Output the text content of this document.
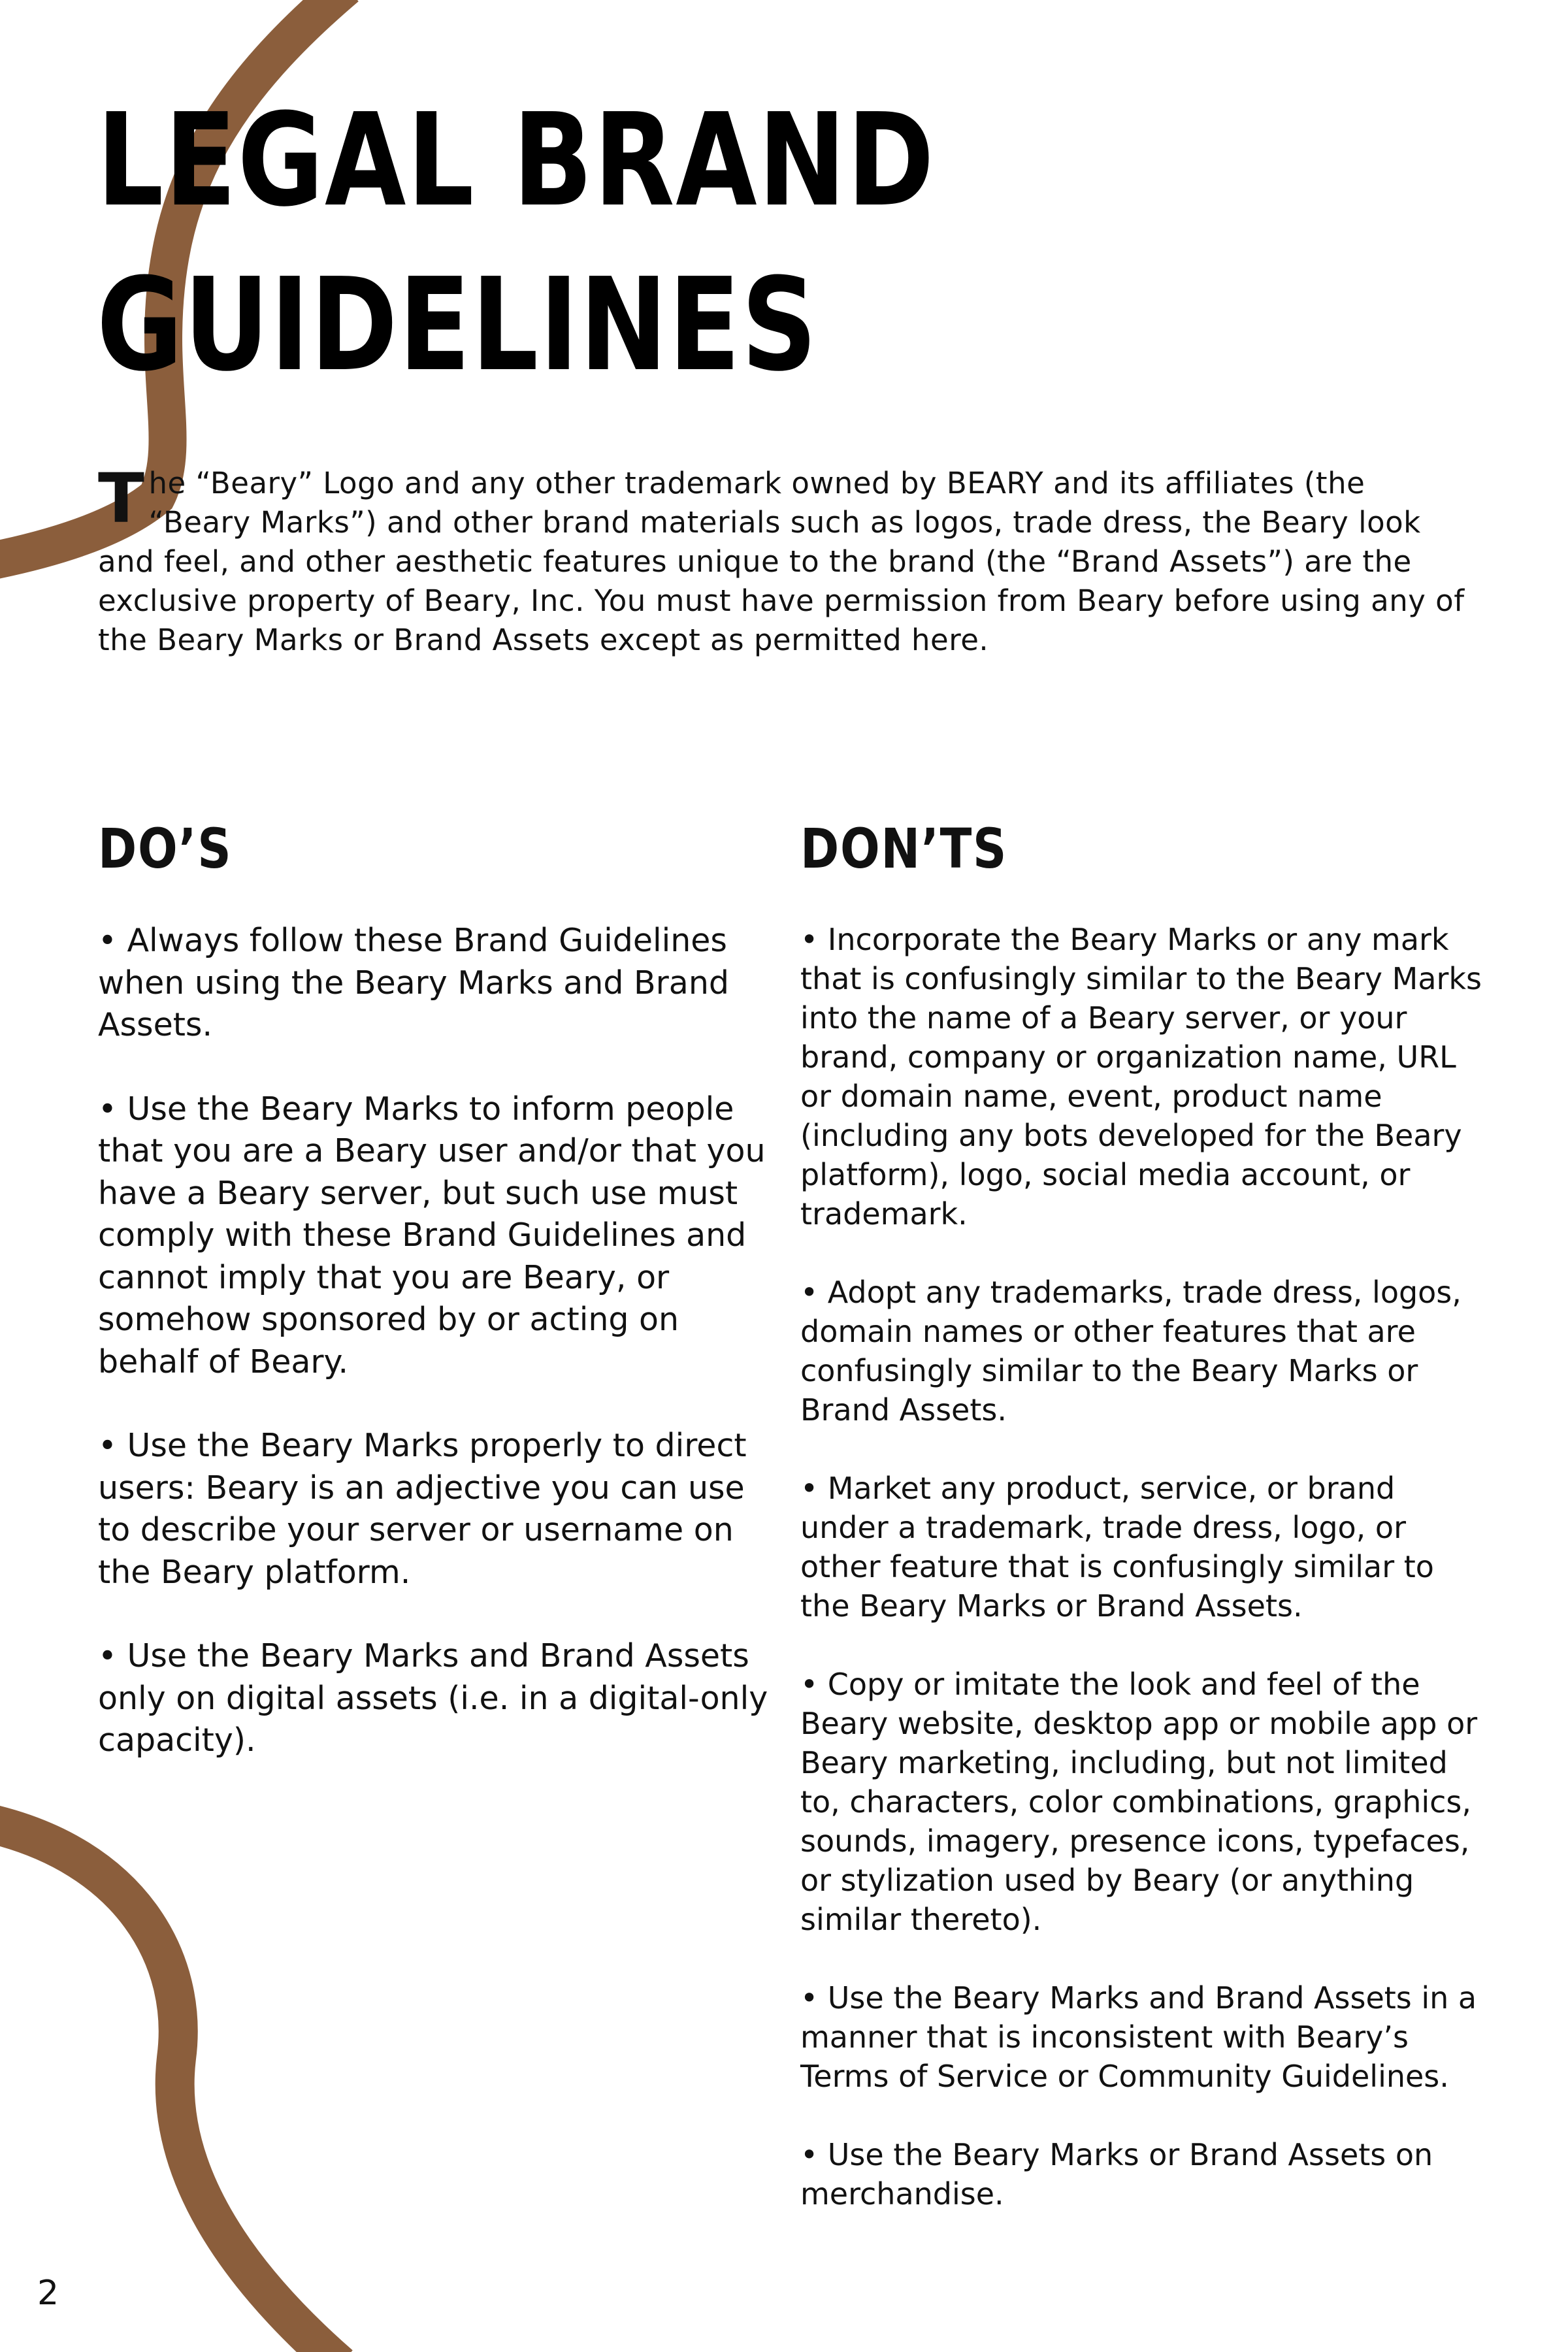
LEGAL BRAND
GUIDELINES

The “Beary” Logo and any other trademark owned by BEARY and its affiliates (the “Beary Marks”) and other brand materials such as logos, trade dress, the Beary look and feel, and other aesthetic features unique to the brand (the “Brand Assets”) are the exclusive property of Beary, Inc. You must have permission from Beary before using any of the Beary Marks or Brand Assets except as permitted here.

DO’S

• Always follow these Brand Guidelines when using the Beary Marks and Brand Assets.

• Use the Beary Marks to inform people that you are a Beary user and/or that you have a Beary server, but such use must comply with these Brand Guidelines and cannot imply that you are Beary, or somehow sponsored by or acting on behalf of Beary.

• Use the Beary Marks properly to direct users: Beary is an adjective you can use to describe your server or username on the Beary platform.

• Use the Beary Marks and Brand Assets only on digital assets (i.e. in a digital-only capacity).

DON’TS

• Incorporate the Beary Marks or any mark that is confusingly similar to the Beary Marks into the name of a Beary server, or your brand, company or organization name, URL or domain name, event, product name (including any bots developed for the Beary platform), logo, social media account, or trademark.

• Adopt any trademarks, trade dress, logos, domain names or other features that are confusingly similar to the Beary Marks or Brand Assets.

• Market any product, service, or brand under a trademark, trade dress, logo, or other feature that is confusingly similar to the Beary Marks or Brand Assets.

• Copy or imitate the look and feel of the Beary website, desktop app or mobile app or Beary marketing, including, but not limited to, characters, color combinations, graphics, sounds, imagery, presence icons, typefaces, or stylization used by Beary (or anything similar thereto).

• Use the Beary Marks and Brand Assets in a manner that is inconsistent with Beary’s Terms of Service or Community Guidelines.

• Use the Beary Marks or Brand Assets on merchandise.

2
